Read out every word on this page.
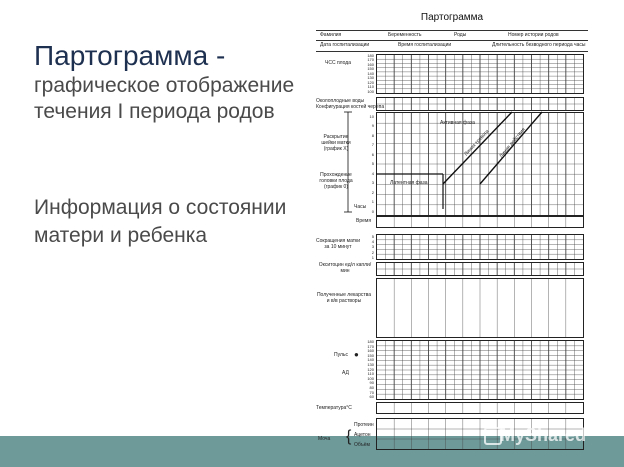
Партограмма -
графическое отображение течения I периода родов
Информация о состоянии матери и ребенка
Партограмма
Фамилия	Беременность	Роды	Номер истории родов
Дата госпитализации	Время госпитализации	Длительность безводного периода часы
ЧСС плода
180
170
160
150
140
130
120
110
100
Околоплодные воды
Конфигурация костей черепа
10
9
8
7
6
5
4
3
2
1
0
Раскрытие шейки матки (график X)
Прохождение головки плода (график 0)
Часы
Время
Сокращения матки за 10 минут
5
4
3
2
1
Окситоцин ед/л капли/мин
Полученные лекарства и в/в растворы
Пульс ●
АД
180
170
160
150
140
130
120
110
100
90
80
70
60
Температура°С
Моча {
Протеин
Ацетон
Объём
Активная фаза
Латентная фаза
Линия тревоги Линия действия
MyShared
